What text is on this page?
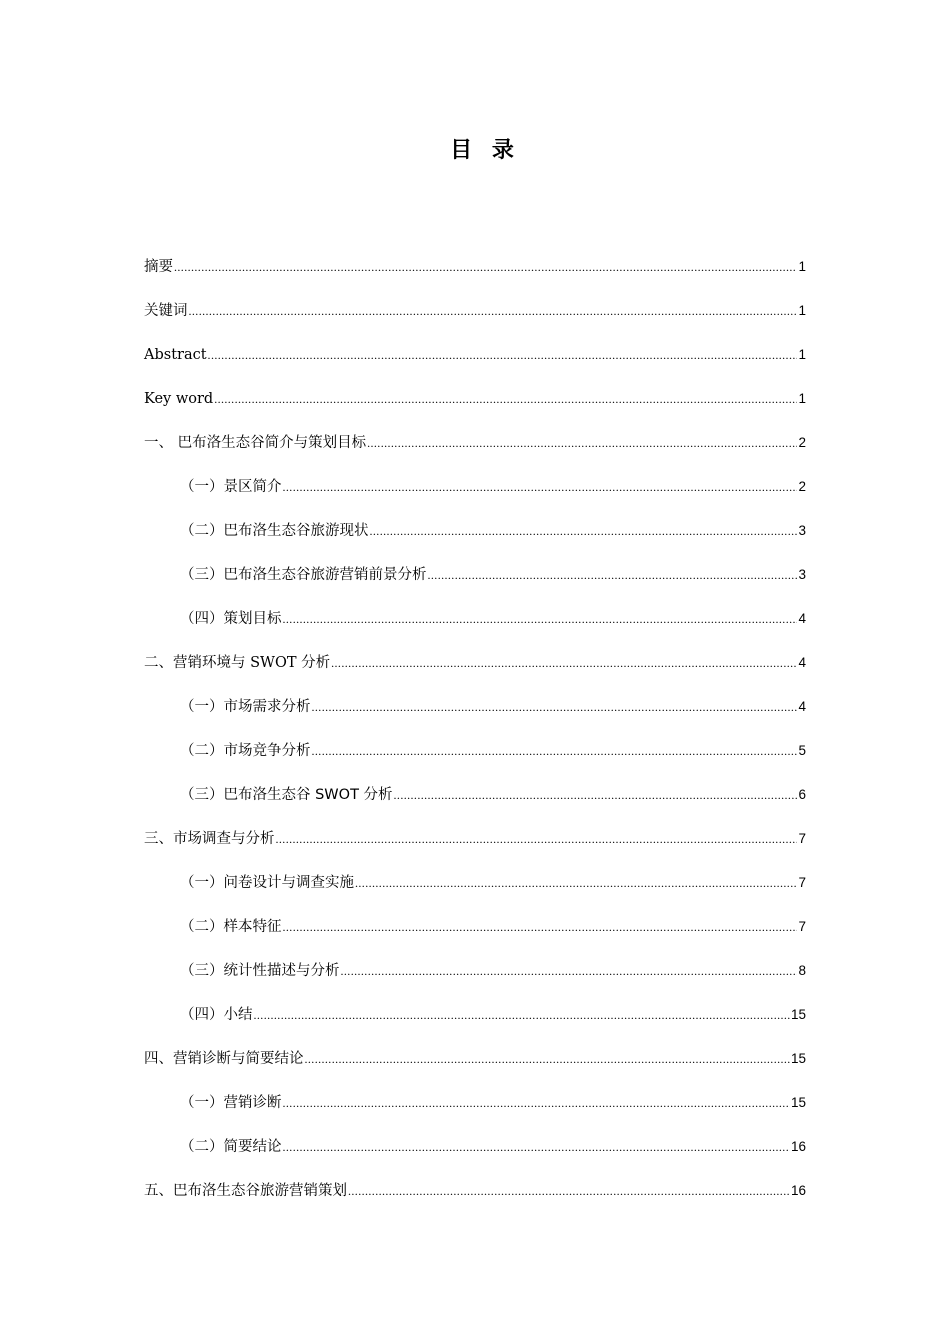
目 录
摘要 .....	1
关键词 .....	1
Abstract .....	1
Key word .....	1
一、 巴布洛生态谷简介与策划目标 .....	2
（一）景区简介 .....	2
（二）巴布洛生态谷旅游现状 .....	3
（三）巴布洛生态谷旅游营销前景分析 .....	3
（四）策划目标 .....	4
二、营销环境与 SWOT 分析 .....	4
（一）市场需求分析 .....	4
（二）市场竞争分析 .....	5
（三）巴布洛生态谷 SWOT 分析 .....	6
三、市场调查与分析 .....	7
（一）问卷设计与调查实施 .....	7
（二）样本特征 .....	7
（三）统计性描述与分析 .....	8
（四）小结 .....	15
四、营销诊断与简要结论 .....	15
（一）营销诊断 .....	15
（二）简要结论 .....	16
五、巴布洛生态谷旅游营销策划 .....	16
